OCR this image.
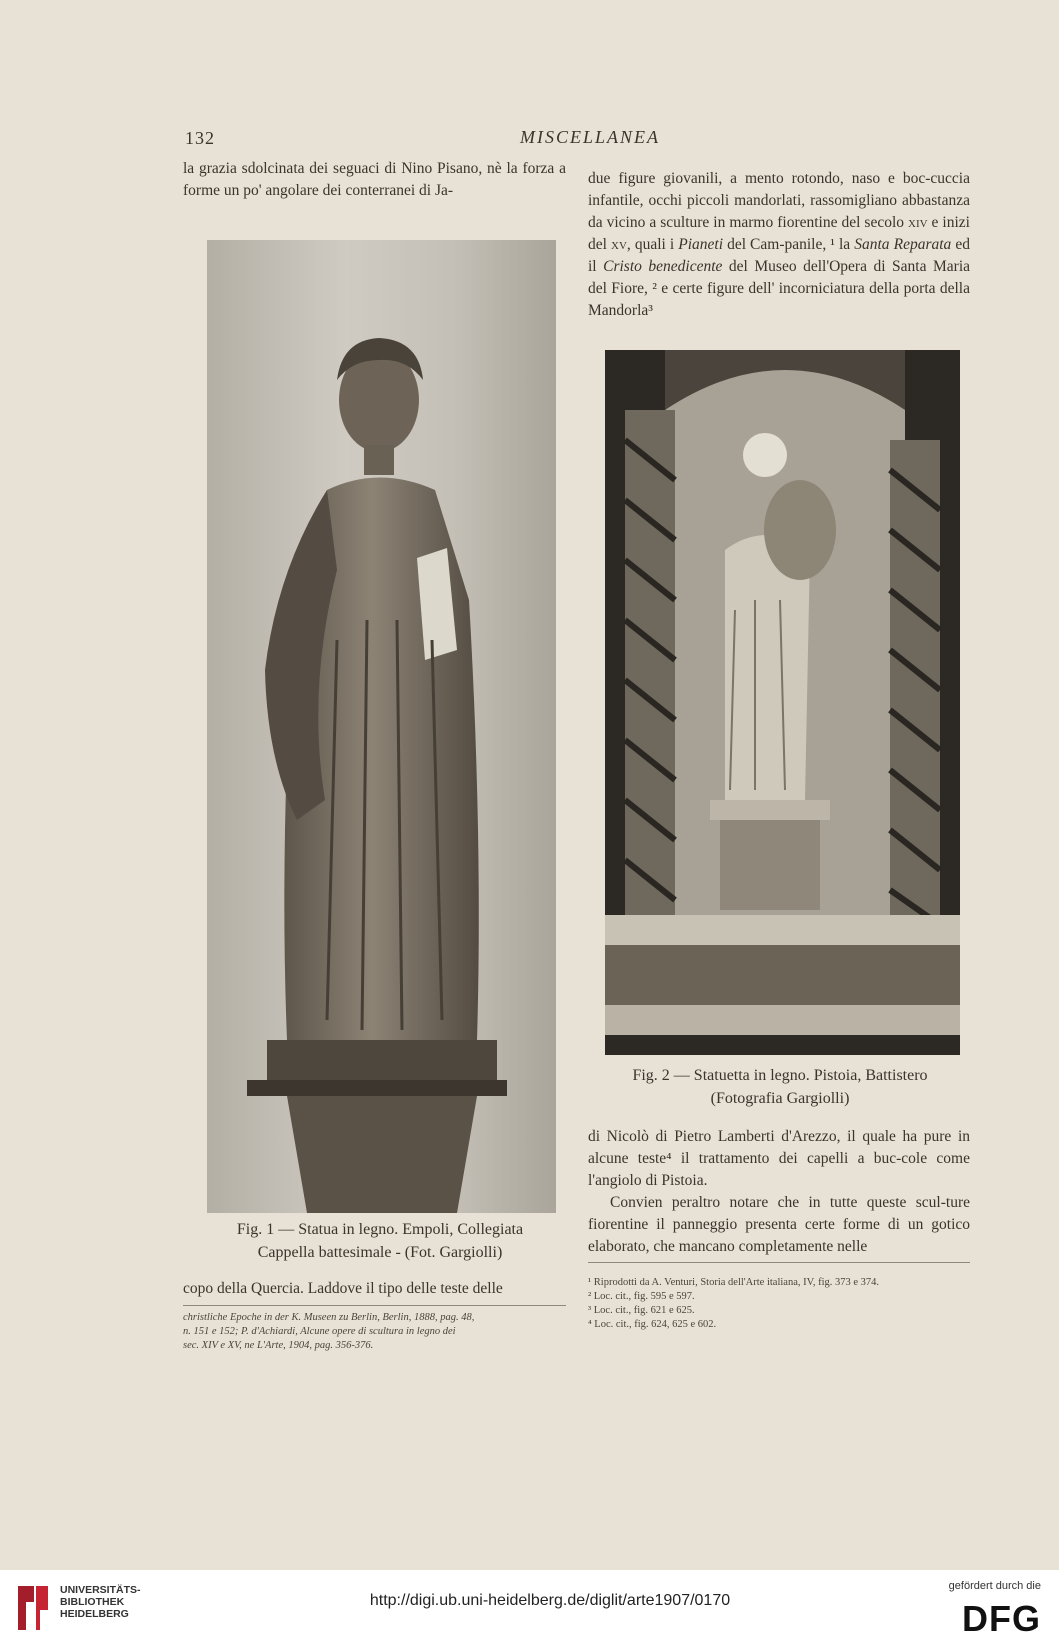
132	MISCELLANEA

la grazia sdolcinata dei seguaci di Nino Pisano, nè la forza a forme un po' angolare dei conterranei di Ja-

Fig. 1 — Statua in legno. Empoli, Collegiata
Cappella battesimale - (Fot. Gargiolli)

copo della Quercia. Laddove il tipo delle teste delle

christliche Epoche in der K. Museen zu Berlin, Berlin, 1888, pag. 48,

n. 151 e 152; P. d'Achiardi, Alcune opere di scultura in legno dei

sec. XIV e XV, ne L'Arte, 1904, pag. 356-376.

due figure giovanili, a mento rotondo, naso e boc-cuccia infantile, occhi piccoli mandorlati, rassomigliano abbastanza da vicino a sculture in marmo fiorentine del secolo xiv e inizi del xv, quali i Pianeti del Cam-panile, ¹ la Santa Reparata ed il Cristo benedicente del Museo dell'Opera di Santa Maria del Fiore, ² e certe figure dell' incorniciatura della porta della Mandorla³

Fig. 2 — Statuetta in legno. Pistoia, Battistero
(Fotografia Gargiolli)

di Nicolò di Pietro Lamberti d'Arezzo, il quale ha pure in alcune teste⁴ il trattamento dei capelli a buc-cole come l'angiolo di Pistoia.

Convien peraltro notare che in tutte queste scul-ture fiorentine il panneggio presenta certe forme di un gotico elaborato, che mancano completamente nelle

¹ Riprodotti da A. Venturi, Storia dell'Arte italiana, IV, fig. 373 e 374.

² Loc. cit., fig. 595 e 597.

³ Loc. cit., fig. 621 e 625.

⁴ Loc. cit., fig. 624, 625 e 602.

UNIVERSITÄTS-
BIBLIOTHEK
HEIDELBERG
http://digi.ub.uni-heidelberg.de/diglit/arte1907/0170
gefördert durch die
DFG
